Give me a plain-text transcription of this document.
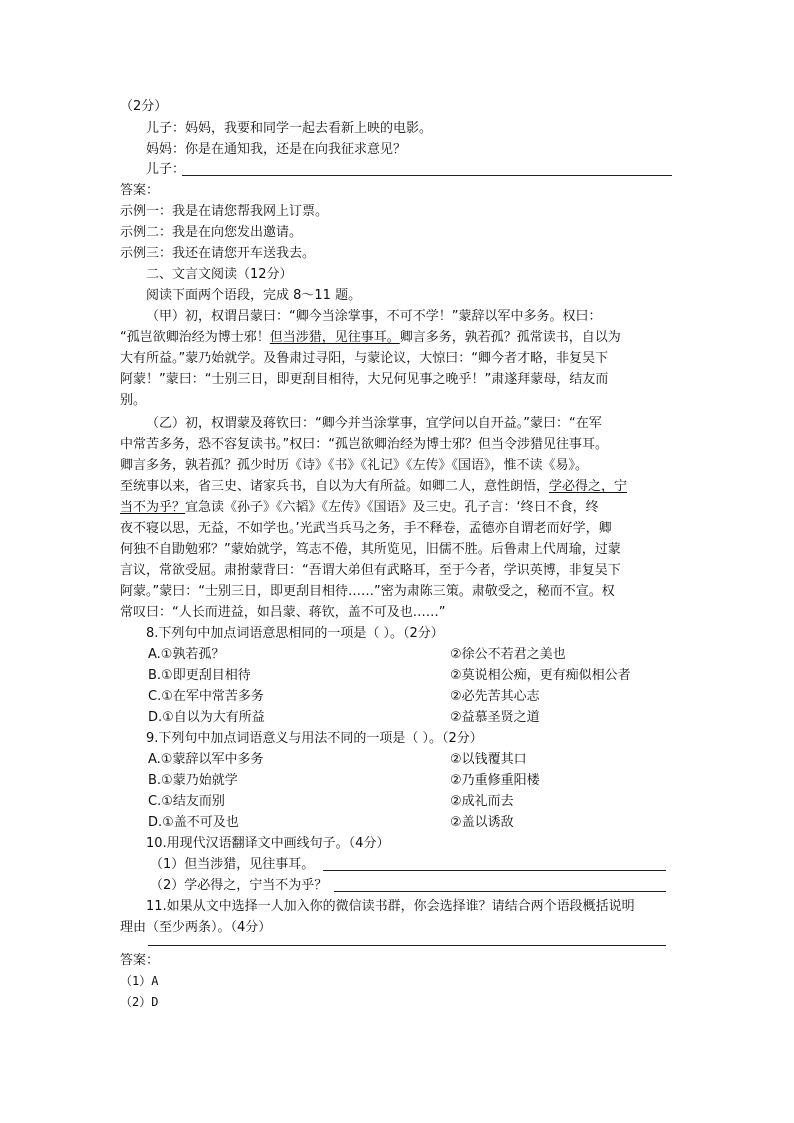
（2分）
儿子：妈妈，我要和同学一起去看新上映的电影。
妈妈：你是在通知我，还是在向我征求意见？
儿子：
答案：
示例一：我是在请您帮我网上订票。
示例二：我是在向您发出邀请。
示例三：我还在请您开车送我去。
二、文言文阅读（12分）
阅读下面两个语段，完成 8～11 题。
（甲）初，权谓吕蒙曰：“卿今当涂掌事，不可不学！”蒙辞以军中多务。权曰：
“孤岂欲卿治经为博士邪！但当涉猎，见往事耳。卿言多务，孰若孤？孤常读书，自以为
大有所益。”蒙乃始就学。及鲁肃过寻阳，与蒙论议，大惊曰：“卿今者才略，非复吴下
阿蒙！”蒙曰：“士别三日，即更刮目相待，大兄何见事之晚乎！”肃遂拜蒙母，结友而
别。
（乙）初，权谓蒙及蒋钦曰：“卿今并当涂掌事，宜学问以自开益。”蒙曰：“在军
中常苦多务，恐不容复读书。”权曰：“孤岂欲卿治经为博士邪？但当令涉猎见往事耳。
卿言多务，孰若孤？孤少时历《诗》《书》《礼记》《左传》《国语》，惟不读《易》。
至统事以来，省三史、诸家兵书，自以为大有所益。如卿二人，意性朗悟，学必得之，宁
当不为乎？宜急读《孙子》《六韬》《左传》《国语》及三史。孔子言：‘终日不食，终
夜不寝以思，无益，不如学也。’光武当兵马之务，手不释卷，孟德亦自谓老而好学，卿
何独不自勖勉邪？”蒙始就学，笃志不倦，其所览见，旧儒不胜。后鲁肃上代周瑜，过蒙
言议，常欲受屈。肃拊蒙背曰：“吾谓大弟但有武略耳，至于今者，学识英博，非复吴下
阿蒙。”蒙曰：“士别三日，即更刮目相待……”密为肃陈三策。肃敬受之，秘而不宣。权
常叹曰：“人长而进益，如吕蒙、蒋钦，盖不可及也……”
8.下列句中加点词语意思相同的一项是（ ）。（2分）
A.①孰若孤？	②徐公不若君之美也
B.①即更刮目相待	②莫说相公痴，更有痴似相公者
C.①在军中常苦多务	②必先苦其心志
D.①自以为大有所益	②益慕圣贤之道
9.下列句中加点词语意义与用法不同的一项是（ ）。（2分）
A.①蒙辞以军中多务	②以钱覆其口
B.①蒙乃始就学	②乃重修重阳楼
C.①结友而别	②成礼而去
D.①盖不可及也	②盖以诱敌
10.用现代汉语翻译文中画线句子。（4分）
（1）但当涉猎，见往事耳。
（2）学必得之，宁当不为乎？
11.如果从文中选择一人加入你的微信读书群，你会选择谁？请结合两个语段概括说明
理由（至少两条）。（4分）
答案：
（1）A
（2）D
